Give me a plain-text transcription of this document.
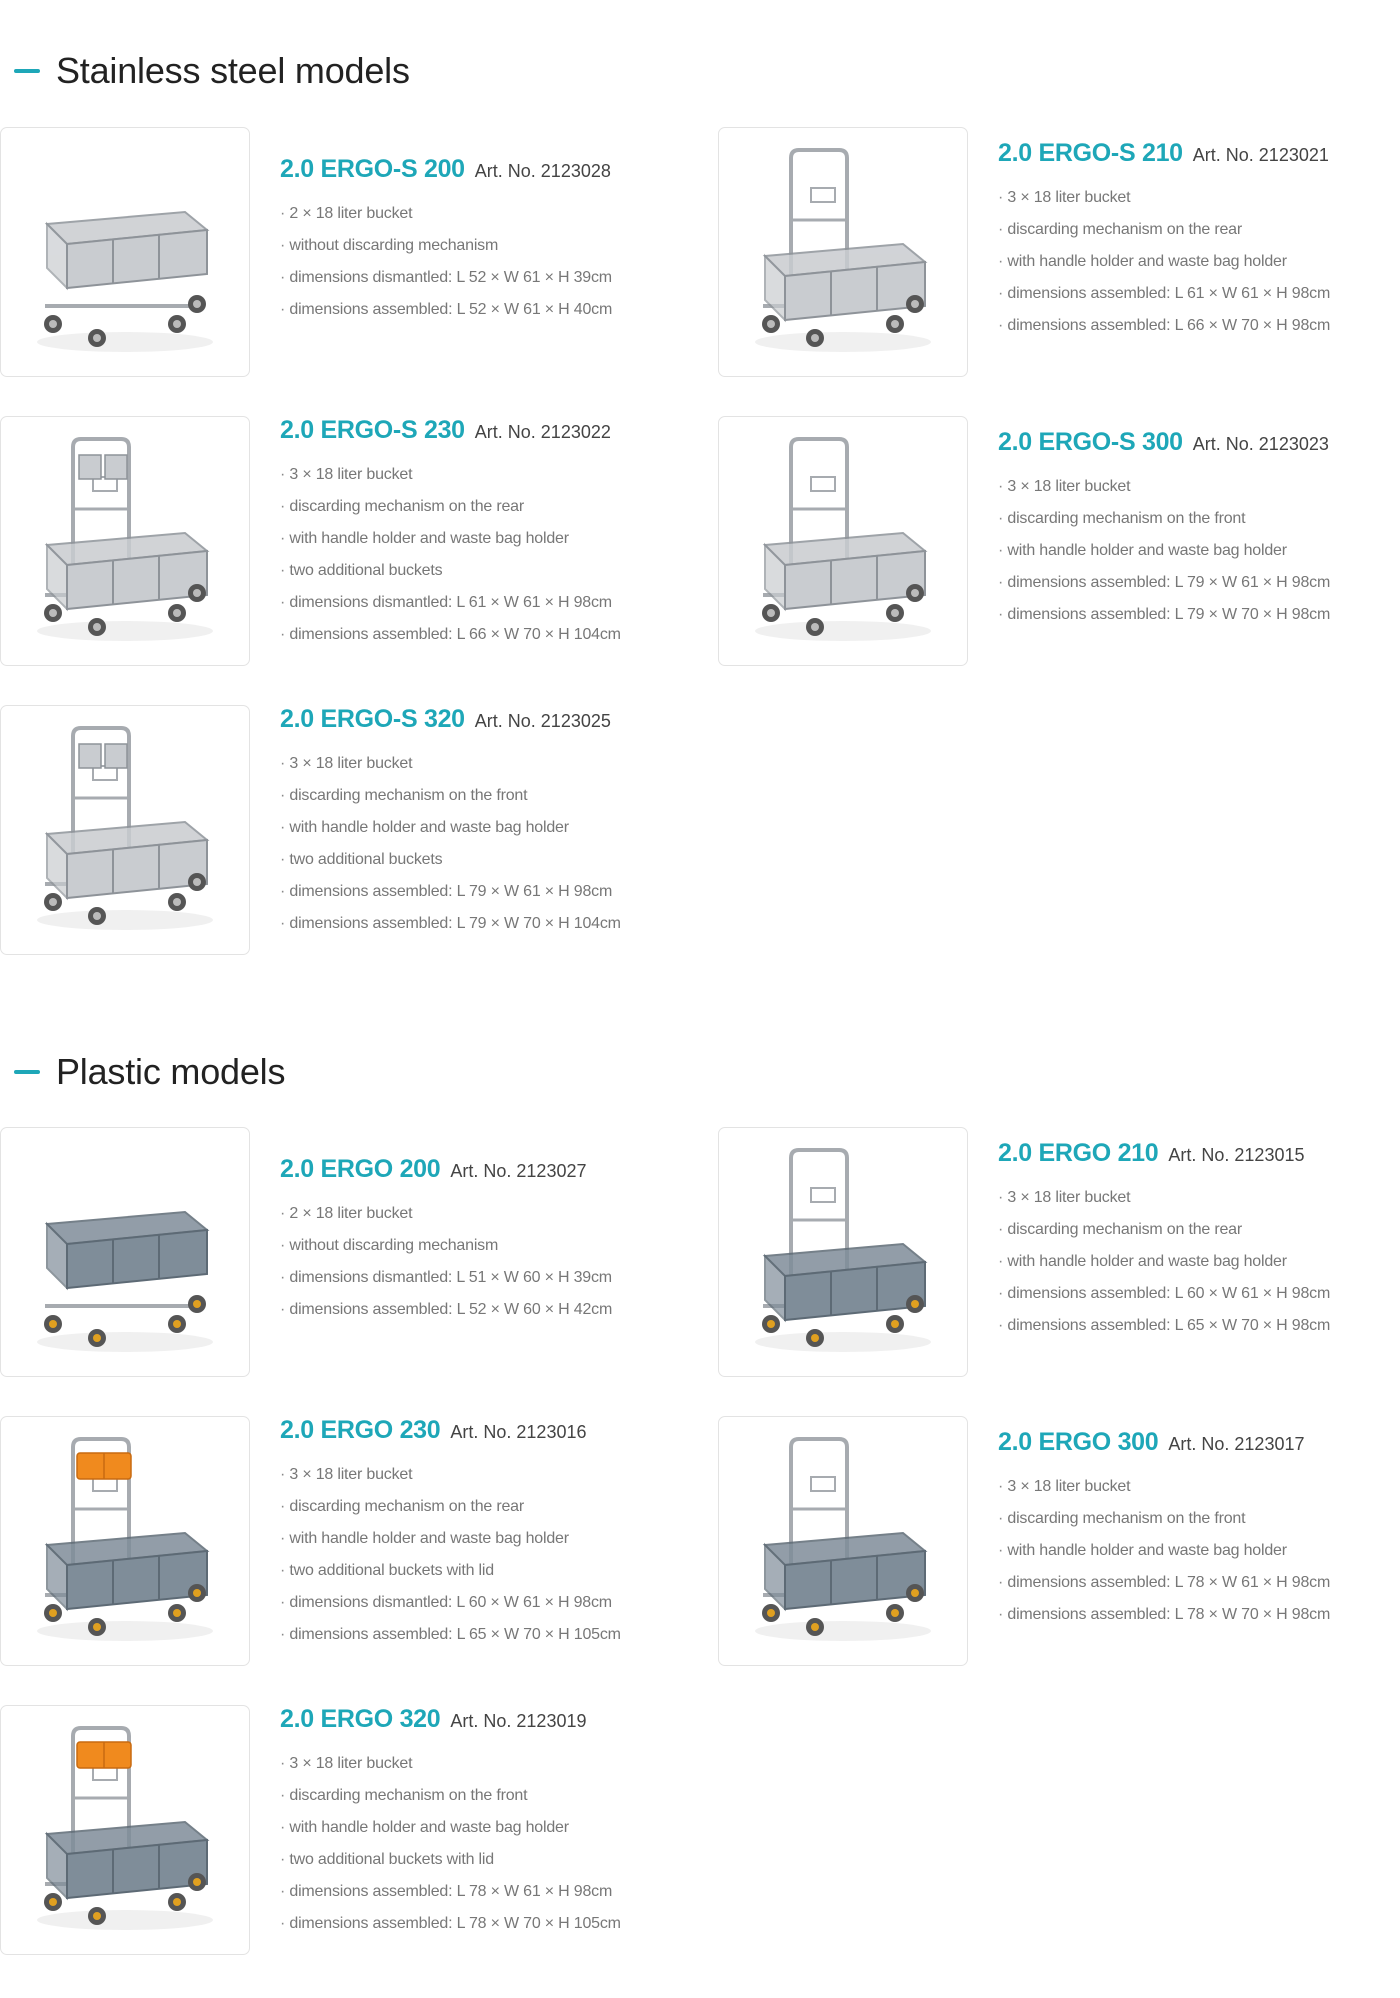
Stainless steel models
2.0 ERGO-S 200 Art. No. 2123028
· 2 × 18 liter bucket
· without discarding mechanism
· dimensions dismantled: L 52 × W 61 × H 39cm
· dimensions assembled: L 52 × W 61 × H 40cm
2.0 ERGO-S 210 Art. No. 2123021
· 3 × 18 liter bucket
· discarding mechanism on the rear
· with handle holder and waste bag holder
· dimensions assembled: L 61 × W 61 × H 98cm
· dimensions assembled: L 66 × W 70 × H 98cm
2.0 ERGO-S 230 Art. No. 2123022
· 3 × 18 liter bucket
· discarding mechanism on the rear
· with handle holder and waste bag holder
· two additional buckets
· dimensions dismantled: L 61 × W 61 × H 98cm
· dimensions assembled: L 66 × W 70 × H 104cm
2.0 ERGO-S 300 Art. No. 2123023
· 3 × 18 liter bucket
· discarding mechanism on the front
· with handle holder and waste bag holder
· dimensions assembled: L 79 × W 61 × H 98cm
· dimensions assembled: L 79 × W 70 × H 98cm
2.0 ERGO-S 320 Art. No. 2123025
· 3 × 18 liter bucket
· discarding mechanism on the front
· with handle holder and waste bag holder
· two additional buckets
· dimensions assembled: L 79 × W 61 × H 98cm
· dimensions assembled: L 79 × W 70 × H 104cm
Plastic models
2.0 ERGO 200 Art. No. 2123027
· 2 × 18 liter bucket
· without discarding mechanism
· dimensions dismantled: L 51 × W 60 × H 39cm
· dimensions assembled: L 52 × W 60 × H 42cm
2.0 ERGO 210 Art. No. 2123015
· 3 × 18 liter bucket
· discarding mechanism on the rear
· with handle holder and waste bag holder
· dimensions assembled: L 60 × W 61 × H 98cm
· dimensions assembled: L 65 × W 70 × H 98cm
2.0 ERGO 230 Art. No. 2123016
· 3 × 18 liter bucket
· discarding mechanism on the rear
· with handle holder and waste bag holder
· two additional buckets with lid
· dimensions dismantled: L 60 × W 61 × H 98cm
· dimensions assembled: L 65 × W 70 × H 105cm
2.0 ERGO 300 Art. No. 2123017
· 3 × 18 liter bucket
· discarding mechanism on the front
· with handle holder and waste bag holder
· dimensions assembled: L 78 × W 61 × H 98cm
· dimensions assembled: L 78 × W 70 × H 98cm
2.0 ERGO 320 Art. No. 2123019
· 3 × 18 liter bucket
· discarding mechanism on the front
· with handle holder and waste bag holder
· two additional buckets with lid
· dimensions assembled: L 78 × W 61 × H 98cm
· dimensions assembled: L 78 × W 70 × H 105cm
